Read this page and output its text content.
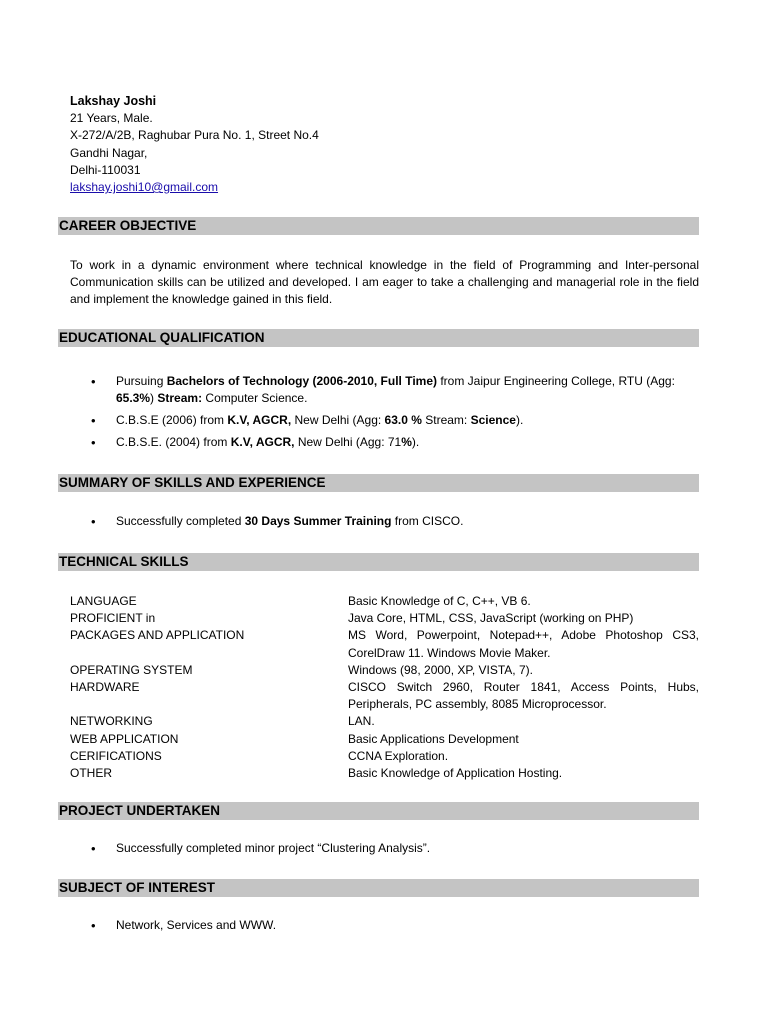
Lakshay Joshi
21 Years, Male.
X-272/A/2B, Raghubar Pura No. 1, Street No.4
Gandhi Nagar,
Delhi-110031
lakshay.joshi10@gmail.com
CAREER OBJECTIVE
To work in a dynamic environment where technical knowledge in the field of Programming and Inter-personal Communication skills can be utilized and developed. I am eager to take a challenging and managerial role in the field and implement the knowledge gained in this field.
EDUCATIONAL QUALIFICATION
• Pursuing Bachelors of Technology (2006-2010, Full Time) from Jaipur Engineering College, RTU (Agg: 65.3%) Stream: Computer Science.
• C.B.S.E (2006) from K.V, AGCR, New Delhi (Agg: 63.0 % Stream: Science).
• C.B.S.E. (2004) from K.V, AGCR, New Delhi (Agg: 71%).
SUMMARY OF SKILLS AND EXPERIENCE
• Successfully completed 30 Days Summer Training from CISCO.
TECHNICAL SKILLS
LANGUAGE	Basic Knowledge of C, C++, VB 6.
PROFICIENT in	Java Core, HTML, CSS, JavaScript (working on PHP)
PACKAGES AND APPLICATION	MS Word, Powerpoint, Notepad++, Adobe Photoshop CS3, CorelDraw 11. Windows Movie Maker.
OPERATING SYSTEM	Windows (98, 2000, XP, VISTA, 7).
HARDWARE	CISCO Switch 2960, Router 1841, Access Points, Hubs, Peripherals, PC assembly, 8085 Microprocessor.
NETWORKING	LAN.
WEB APPLICATION	Basic Applications Development
CERIFICATIONS	CCNA Exploration.
OTHER	Basic Knowledge of Application Hosting.
PROJECT UNDERTAKEN
• Successfully completed minor project “Clustering Analysis”.
SUBJECT OF INTEREST
• Network, Services and WWW.
